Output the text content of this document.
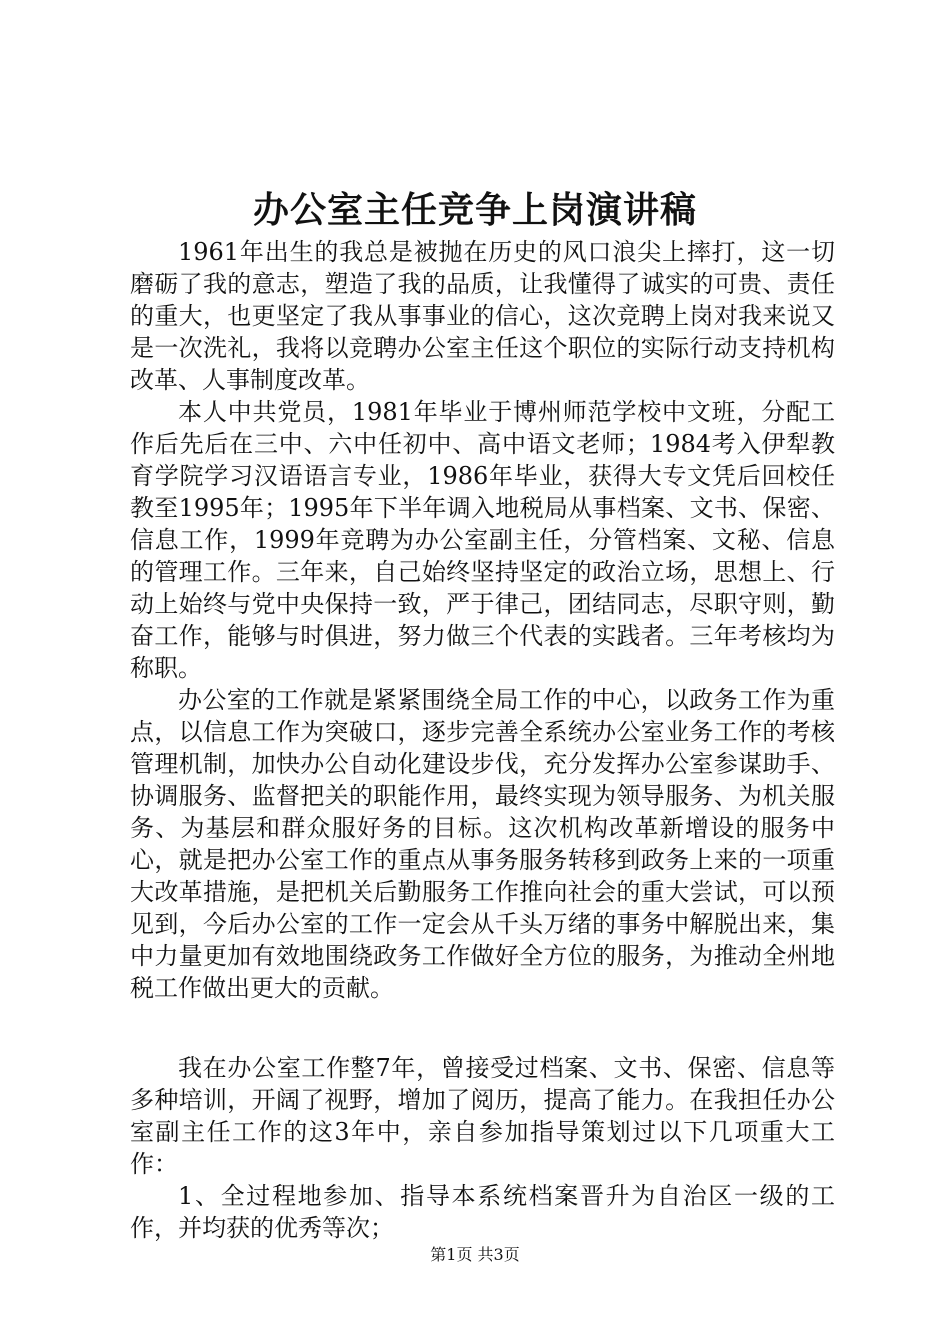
办公室主任竞争上岗演讲稿

1961年出生的我总是被抛在历史的风口浪尖上摔打，这一切磨砺了我的意志，塑造了我的品质，让我懂得了诚实的可贵、责任的重大，也更坚定了我从事事业的信心，这次竞聘上岗对我来说又是一次洗礼，我将以竞聘办公室主任这个职位的实际行动支持机构改革、人事制度改革。

本人中共党员，1981年毕业于博州师范学校中文班，分配工作后先后在三中、六中任初中、高中语文老师；1984考入伊犁教育学院学习汉语语言专业，1986年毕业，获得大专文凭后回校任教至1995年；1995年下半年调入地税局从事档案、文书、保密、信息工作，1999年竞聘为办公室副主任，分管档案、文秘、信息的管理工作。三年来，自己始终坚持坚定的政治立场，思想上、行动上始终与党中央保持一致，严于律己，团结同志，尽职守则，勤奋工作，能够与时俱进，努力做三个代表的实践者。三年考核均为称职。

办公室的工作就是紧紧围绕全局工作的中心，以政务工作为重点，以信息工作为突破口，逐步完善全系统办公室业务工作的考核管理机制，加快办公自动化建设步伐，充分发挥办公室参谋助手、协调服务、监督把关的职能作用，最终实现为领导服务、为机关服务、为基层和群众服好务的目标。这次机构改革新增设的服务中心，就是把办公室工作的重点从事务服务转移到政务上来的一项重大改革措施，是把机关后勤服务工作推向社会的重大尝试，可以预见到，今后办公室的工作一定会从千头万绪的事务中解脱出来，集中力量更加有效地围绕政务工作做好全方位的服务，为推动全州地税工作做出更大的贡献。

我在办公室工作整7年，曾接受过档案、文书、保密、信息等多种培训，开阔了视野，增加了阅历，提高了能力。在我担任办公室副主任工作的这3年中，亲自参加指导策划过以下几项重大工作：

1、全过程地参加、指导本系统档案晋升为自治区一级的工作，并均获的优秀等次；

第1页 共3页
